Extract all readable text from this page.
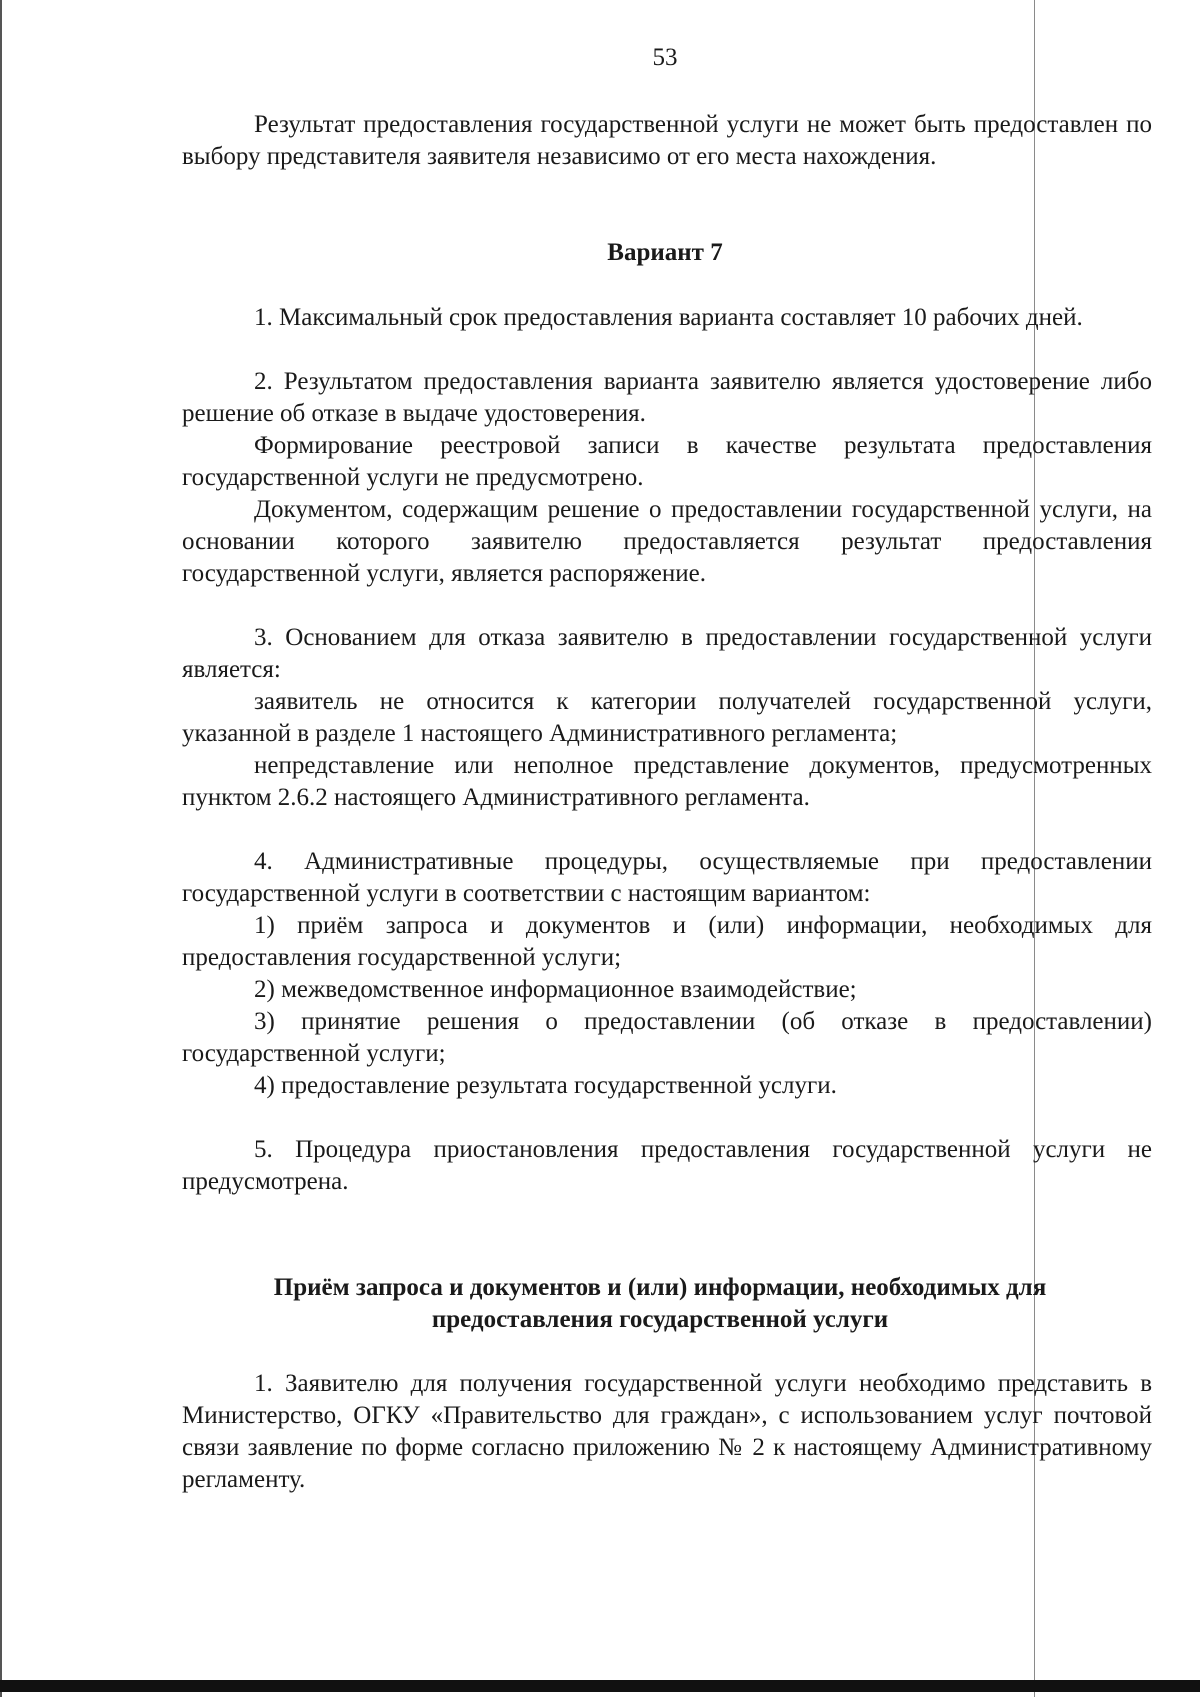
53

Результат предоставления государственной услуги не может быть предоставлен по выбору представителя заявителя независимо от его места нахождения.

Вариант 7

1. Максимальный срок предоставления варианта составляет 10 рабочих дней.

2. Результатом предоставления варианта заявителю является удостоверение либо решение об отказе в выдаче удостоверения.

Формирование реестровой записи в качестве результата предоставления государственной услуги не предусмотрено.

Документом, содержащим решение о предоставлении государственной услуги, на основании которого заявителю предоставляется результат предоставления государственной услуги, является распоряжение.

3. Основанием для отказа заявителю в предоставлении государственной услуги является:

заявитель не относится к категории получателей государственной услуги, указанной в разделе 1 настоящего Административного регламента;

непредставление или неполное представление документов, предусмотренных пунктом 2.6.2 настоящего Административного регламента.

4. Административные процедуры, осуществляемые при предоставлении государственной услуги в соответствии с настоящим вариантом:

1) приём запроса и документов и (или) информации, необходимых для предоставления государственной услуги;

2) межведомственное информационное взаимодействие;

3) принятие решения о предоставлении (об отказе в предоставлении) государственной услуги;

4) предоставление результата государственной услуги.

5. Процедура приостановления предоставления государственной услуги не предусмотрена.

Приём запроса и документов и (или) информации, необходимых для предоставления государственной услуги

1. Заявителю для получения государственной услуги необходимо представить в Министерство, ОГКУ «Правительство для граждан», с использованием услуг почтовой связи заявление по форме согласно приложению № 2 к настоящему Административному регламенту.
